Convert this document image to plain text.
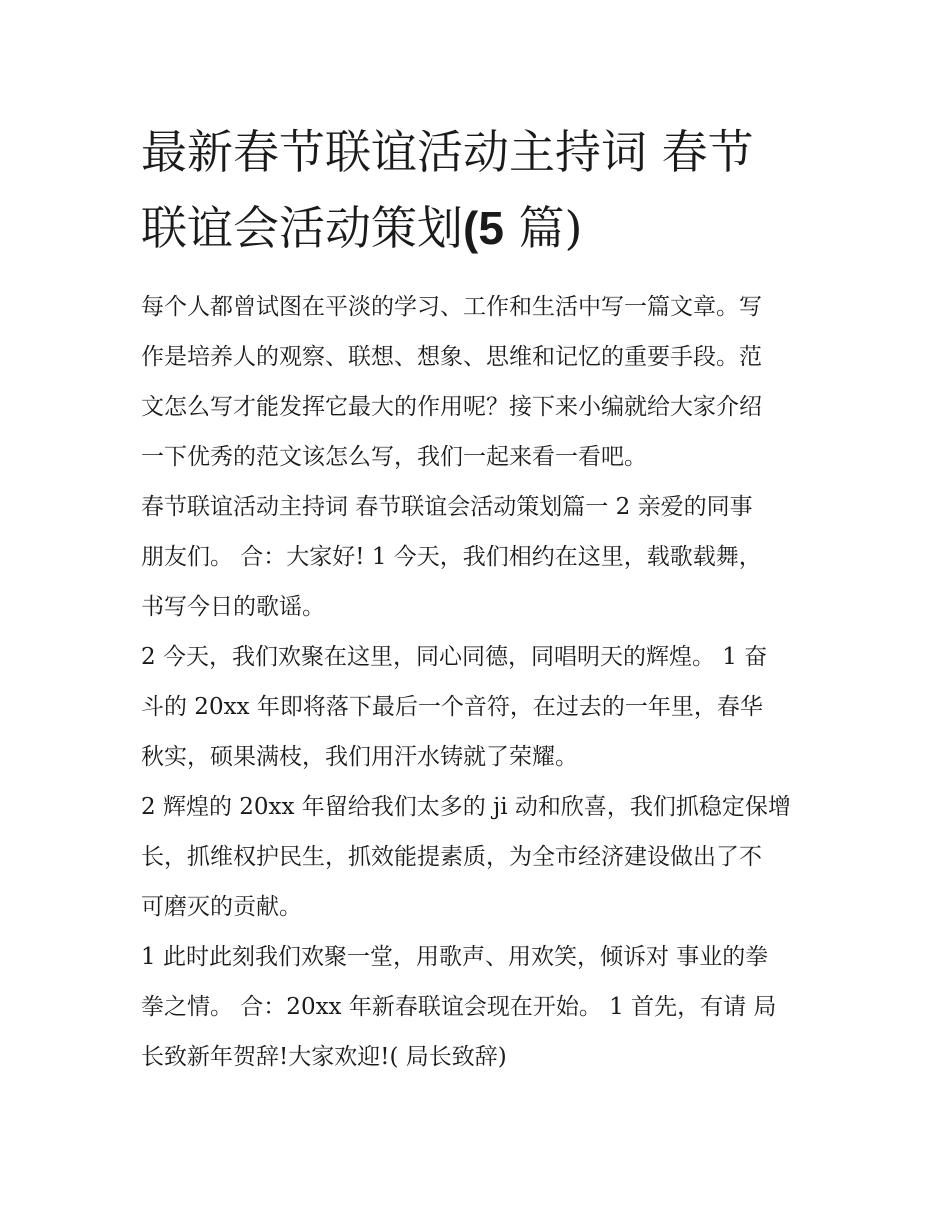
最新春节联谊活动主持词 春节
联谊会活动策划(5 篇)
每个人都曾试图在平淡的学习、工作和生活中写一篇文章。写
作是培养人的观察、联想、想象、思维和记忆的重要手段。范
文怎么写才能发挥它最大的作用呢？接下来小编就给大家介绍
一下优秀的范文该怎么写，我们一起来看一看吧。
春节联谊活动主持词 春节联谊会活动策划篇一 2 亲爱的同事
朋友们。 合：大家好! 1 今天，我们相约在这里，载歌载舞，
书写今日的歌谣。
2 今天，我们欢聚在这里，同心同德，同唱明天的辉煌。 1 奋
斗的 20xx 年即将落下最后一个音符，在过去的一年里，春华
秋实，硕果满枝，我们用汗水铸就了荣耀。
2 辉煌的 20xx 年留给我们太多的 ji 动和欣喜，我们抓稳定保增
长，抓维权护民生，抓效能提素质，为全市经济建设做出了不
可磨灭的贡献。
1 此时此刻我们欢聚一堂，用歌声、用欢笑，倾诉对 事业的拳
拳之情。 合：20xx 年新春联谊会现在开始。 1 首先，有请 局
长致新年贺辞!大家欢迎!( 局长致辞)
